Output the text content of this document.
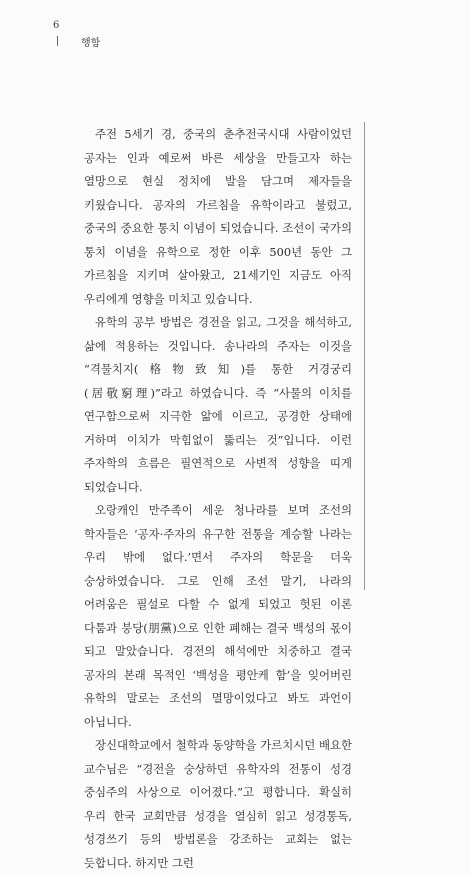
6
행함

주전 5세기 경, 중국의 춘추전국시대 사람이었던 공자는 인과 예로써 바른 세상을 만들고자 하는 열망으로 현실 정치에 발을 담그며 제자들을 키웠습니다. 공자의 가르침을 유학이라고 불렀고, 중국의 중요한 통치 이념이 되었습니다. 조선이 국가의 통치 이념을 유학으로 정한 이후 500년 동안 그 가르침을 지키며 살아왔고, 21세기인 지금도 아직 우리에게 영향을 미치고 있습니다.

유학의 공부 방법은 경전을 읽고, 그것을 해석하고, 삶에 적용하는 것입니다. 송나라의 주자는 이것을 “격물치지(格物致知)를 통한 거경궁리(居敬窮理)”라고 하였습니다. 즉 “사물의 이치를 연구함으로써 지극한 앎에 이르고, 공경한 상태에 거하며 이치가 막힘없이 뚫리는 것”입니다. 이런 주자학의 흐름은 필연적으로 사변적 성향을 띠게 되었습니다.

오랑캐인 만주족이 세운 청나라를 보며 조선의 학자들은 ‘공자·주자의 유구한 전통을 계승할 나라는 우리 밖에 없다.’면서 주자의 학문을 더욱 숭상하였습니다. 그로 인해 조선 말기, 나라의 어려움은 필설로 다할 수 없게 되었고 헛된 이론 다툼과 붕당(朋黨)으로 인한 폐해는 결국 백성의 몫이 되고 말았습니다. 경전의 해석에만 치중하고 결국 공자의 본래 목적인 ‘백성을 평안케 함’을 잊어버린 유학의 말로는 조선의 멸망이었다고 봐도 과언이 아닙니다.

장신대학교에서 철학과 동양학을 가르치시던 배요한 교수님은 “경전을 숭상하던 유학자의 전통이 성경 중심주의 사상으로 이어졌다.”고 평합니다. 확실히 우리 한국 교회만큼 성경을 열심히 읽고 성경통독, 성경쓰기 등의 방법론을 강조하는 교회는 없는 듯합니다. 하지만 그런
